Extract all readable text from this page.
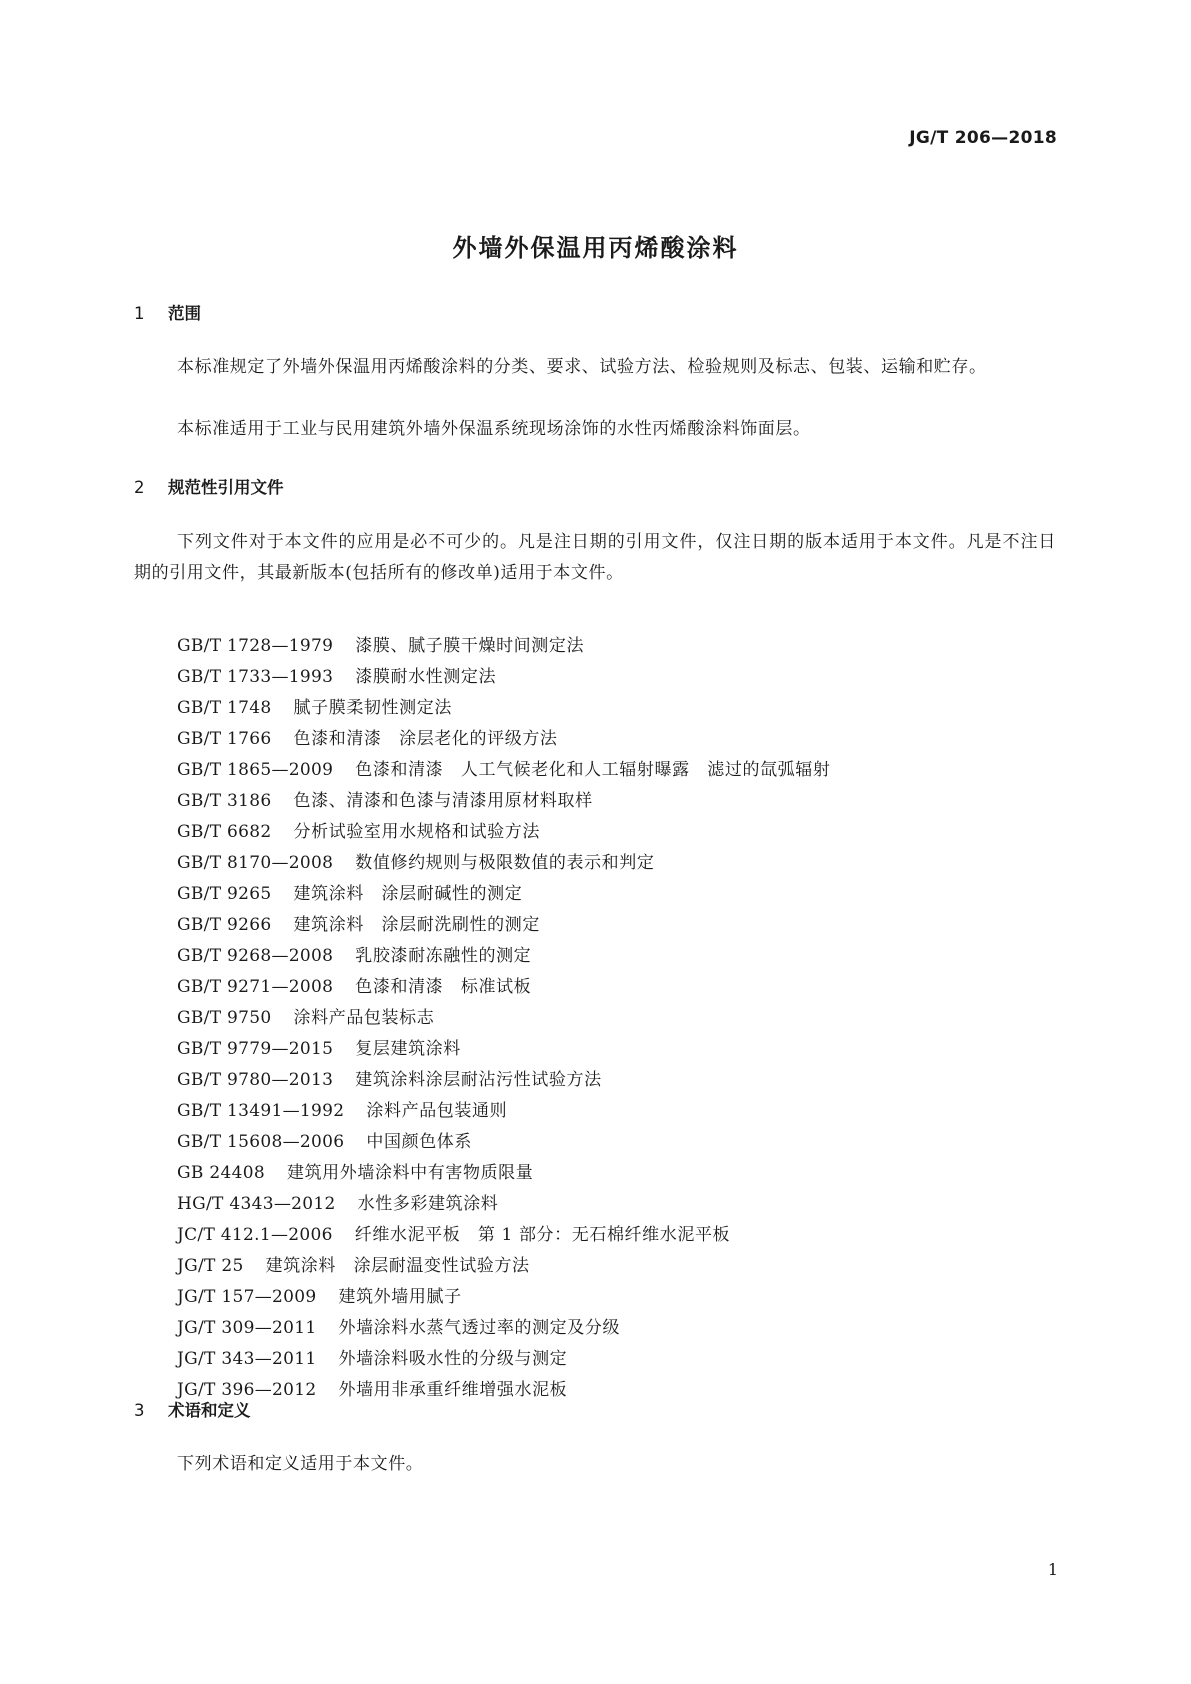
JG/T 206—2018
外墙外保温用丙烯酸涂料
1 范围

本标准规定了外墙外保温用丙烯酸涂料的分类、要求、试验方法、检验规则及标志、包装、运输和贮存。

本标准适用于工业与民用建筑外墙外保温系统现场涂饰的水性丙烯酸涂料饰面层。

2 规范性引用文件

下列文件对于本文件的应用是必不可少的。凡是注日期的引用文件，仅注日期的版本适用于本文件。凡是不注日期的引用文件，其最新版本(包括所有的修改单)适用于本文件。

GB/T 1728—1979 漆膜、腻子膜干燥时间测定法
GB/T 1733—1993 漆膜耐水性测定法
GB/T 1748 腻子膜柔韧性测定法
GB/T 1766 色漆和清漆　涂层老化的评级方法
GB/T 1865—2009 色漆和清漆　人工气候老化和人工辐射曝露　滤过的氙弧辐射
GB/T 3186 色漆、清漆和色漆与清漆用原材料取样
GB/T 6682 分析试验室用水规格和试验方法
GB/T 8170—2008 数值修约规则与极限数值的表示和判定
GB/T 9265 建筑涂料　涂层耐碱性的测定
GB/T 9266 建筑涂料　涂层耐洗刷性的测定
GB/T 9268—2008 乳胶漆耐冻融性的测定
GB/T 9271—2008 色漆和清漆　标准试板
GB/T 9750 涂料产品包装标志
GB/T 9779—2015 复层建筑涂料
GB/T 9780—2013 建筑涂料涂层耐沾污性试验方法
GB/T 13491—1992 涂料产品包装通则
GB/T 15608—2006 中国颜色体系
GB 24408 建筑用外墙涂料中有害物质限量
HG/T 4343—2012 水性多彩建筑涂料
JC/T 412.1—2006 纤维水泥平板　第 1 部分：无石棉纤维水泥平板
JG/T 25 建筑涂料　涂层耐温变性试验方法
JG/T 157—2009 建筑外墙用腻子
JG/T 309—2011 外墙涂料水蒸气透过率的测定及分级
JG/T 343—2011 外墙涂料吸水性的分级与测定
JG/T 396—2012 外墙用非承重纤维增强水泥板
3 术语和定义

下列术语和定义适用于本文件。

1
